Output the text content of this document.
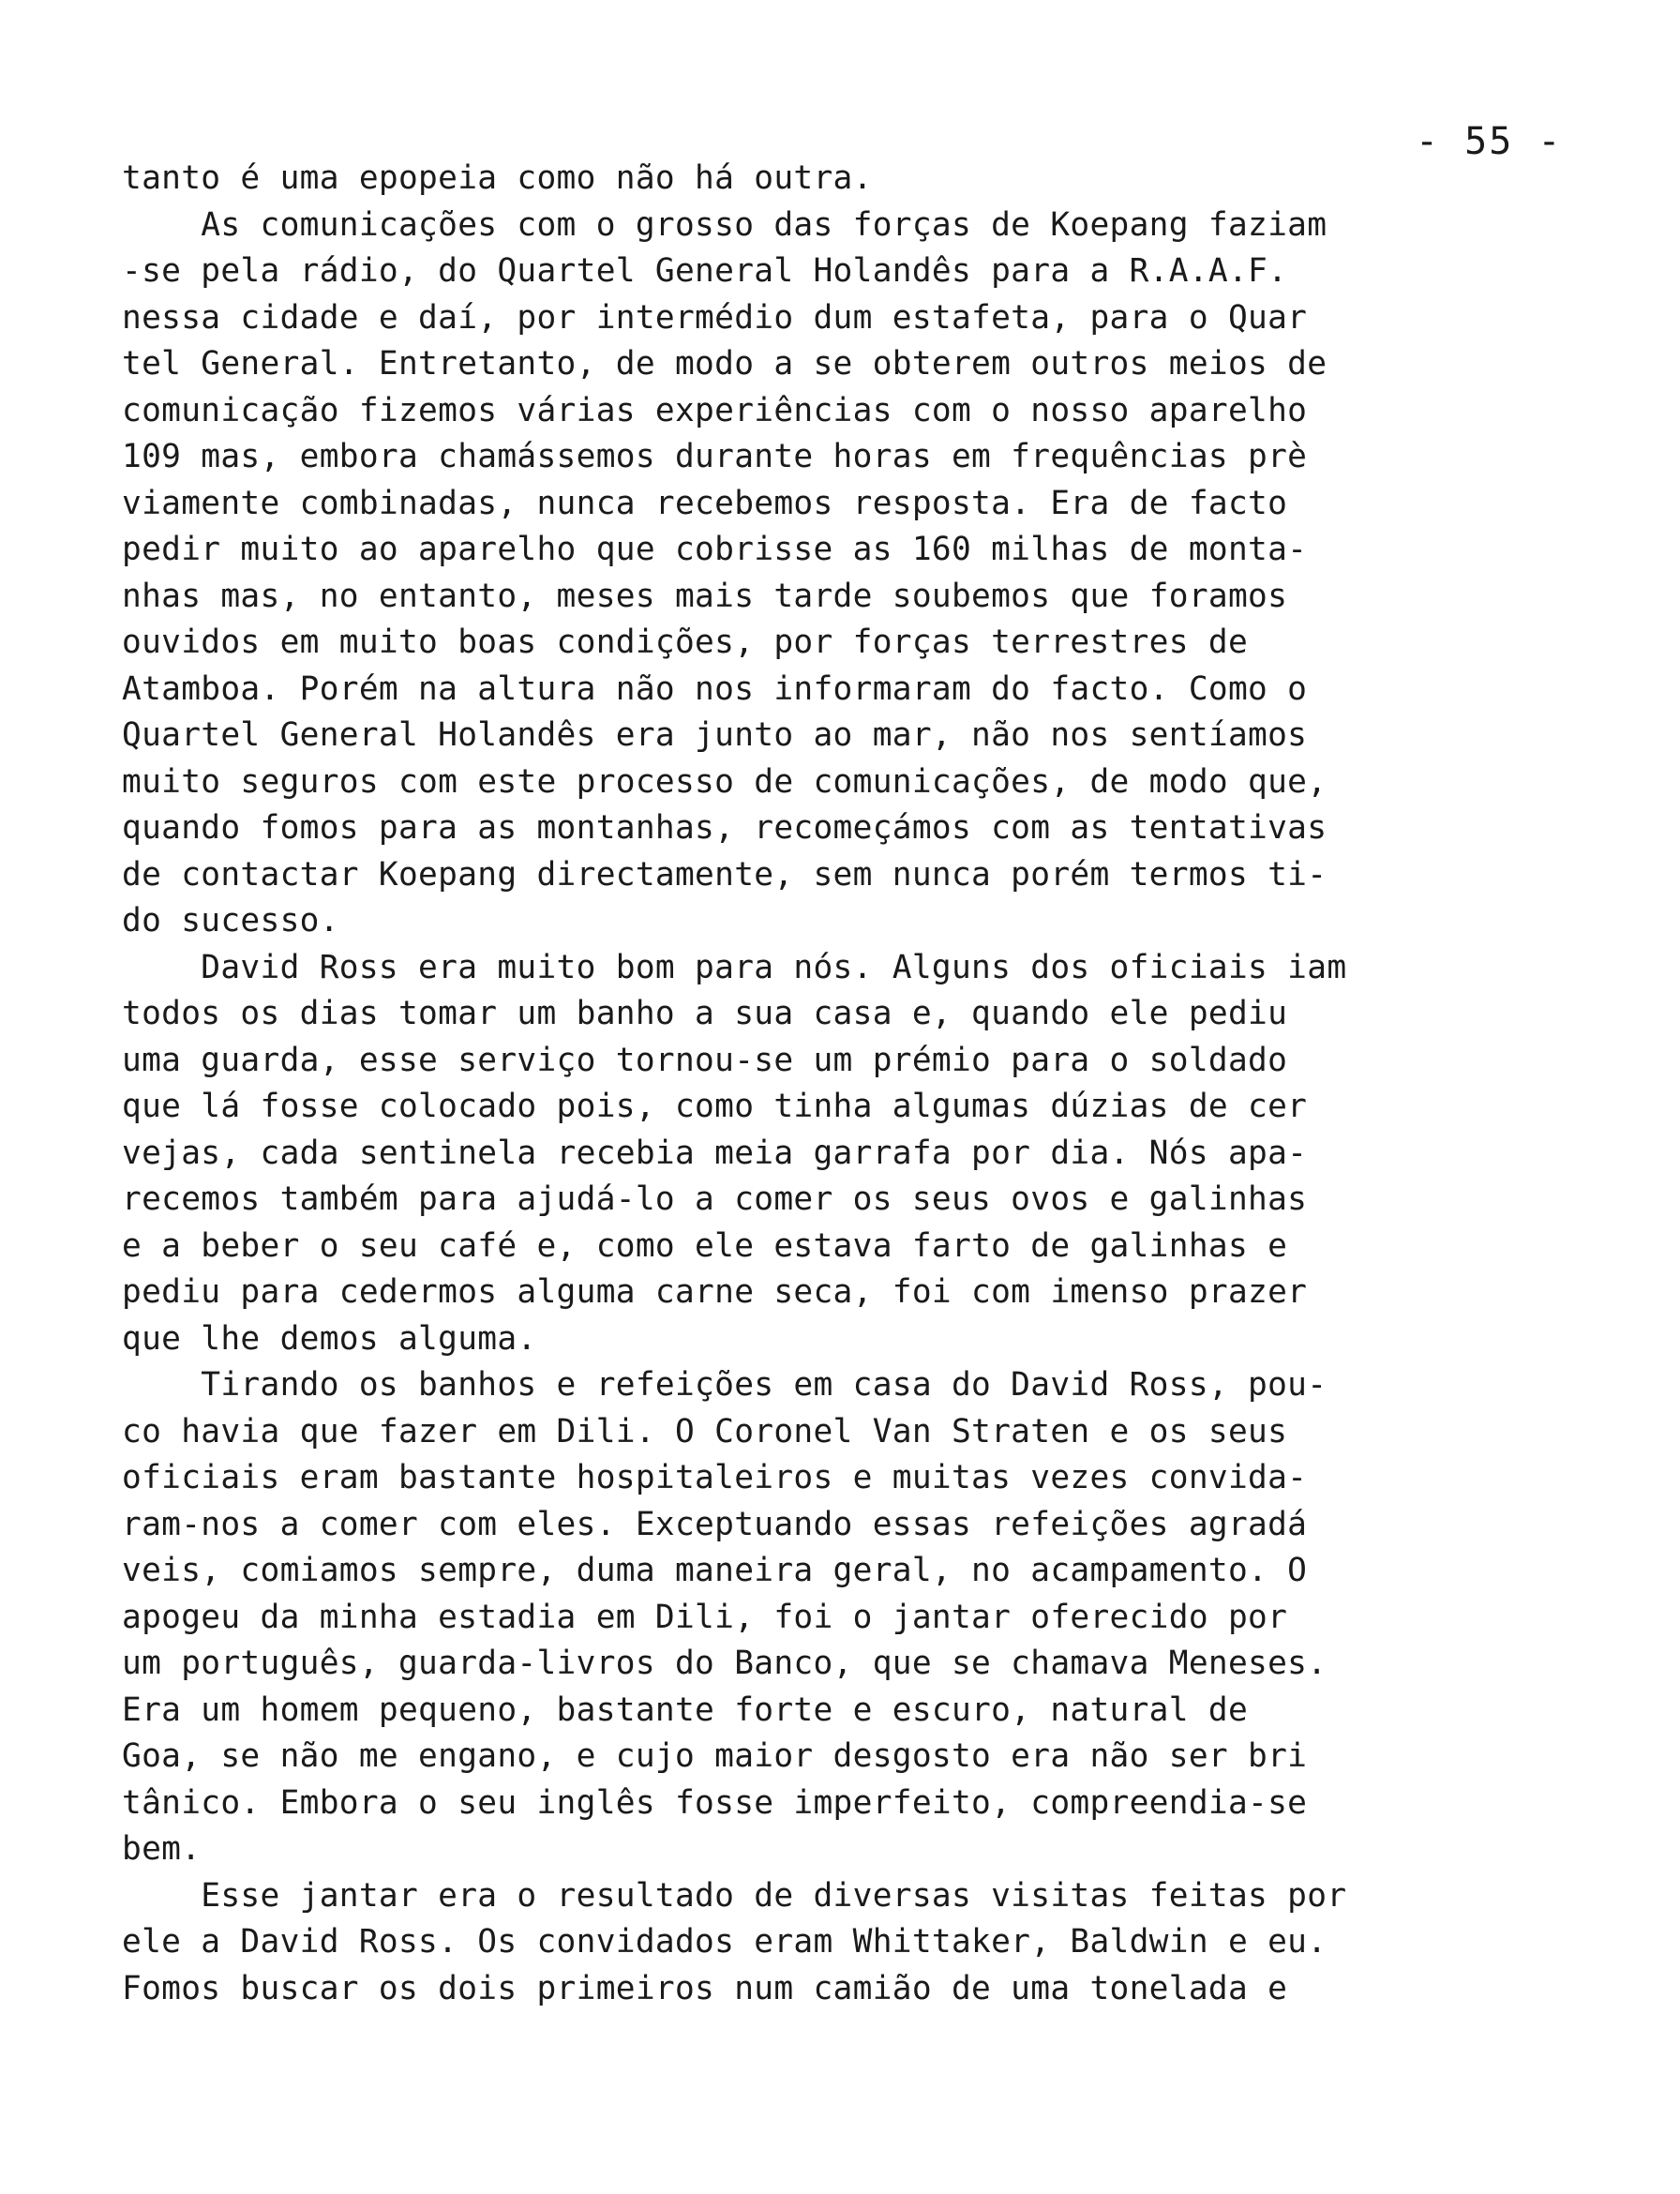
- 55 -
tanto é uma epopeia como não há outra.
As comunicações com o grosso das forças de Koepang faziam
-se pela rádio, do Quartel General Holandês para a R.A.A.F.
nessa cidade e daí, por intermédio dum estafeta, para o Quar
tel General. Entretanto, de modo a se obterem outros meios de
comunicação fizemos várias experiências com o nosso aparelho
109 mas, embora chamássemos durante horas em frequências prè
viamente combinadas, nunca recebemos resposta. Era de facto
pedir muito ao aparelho que cobrisse as 160 milhas de monta-
nhas mas, no entanto, meses mais tarde soubemos que foramos
ouvidos em muito boas condições, por forças terrestres de
Atamboa. Porém na altura não nos informaram do facto. Como o
Quartel General Holandês era junto ao mar, não nos sentíamos
muito seguros com este processo de comunicações, de modo que,
quando fomos para as montanhas, recomeçámos com as tentativas
de contactar Koepang directamente, sem nunca porém termos ti-
do sucesso.
David Ross era muito bom para nós. Alguns dos oficiais iam
todos os dias tomar um banho a sua casa e, quando ele pediu
uma guarda, esse serviço tornou-se um prémio para o soldado
que lá fosse colocado pois, como tinha algumas dúzias de cer
vejas, cada sentinela recebia meia garrafa por dia. Nós apa-
recemos também para ajudá-lo a comer os seus ovos e galinhas
e a beber o seu café e, como ele estava farto de galinhas e
pediu para cedermos alguma carne seca, foi com imenso prazer
que lhe demos alguma.
Tirando os banhos e refeições em casa do David Ross, pou-
co havia que fazer em Dili. O Coronel Van Straten e os seus
oficiais eram bastante hospitaleiros e muitas vezes convida-
ram-nos a comer com eles. Exceptuando essas refeições agradá
veis, comiamos sempre, duma maneira geral, no acampamento. O
apogeu da minha estadia em Dili, foi o jantar oferecido por
um português, guarda-livros do Banco, que se chamava Meneses.
Era um homem pequeno, bastante forte e escuro, natural de
Goa, se não me engano, e cujo maior desgosto era não ser bri
tânico. Embora o seu inglês fosse imperfeito, compreendia-se
bem.
Esse jantar era o resultado de diversas visitas feitas por
ele a David Ross. Os convidados eram Whittaker, Baldwin e eu.
Fomos buscar os dois primeiros num camião de uma tonelada e
